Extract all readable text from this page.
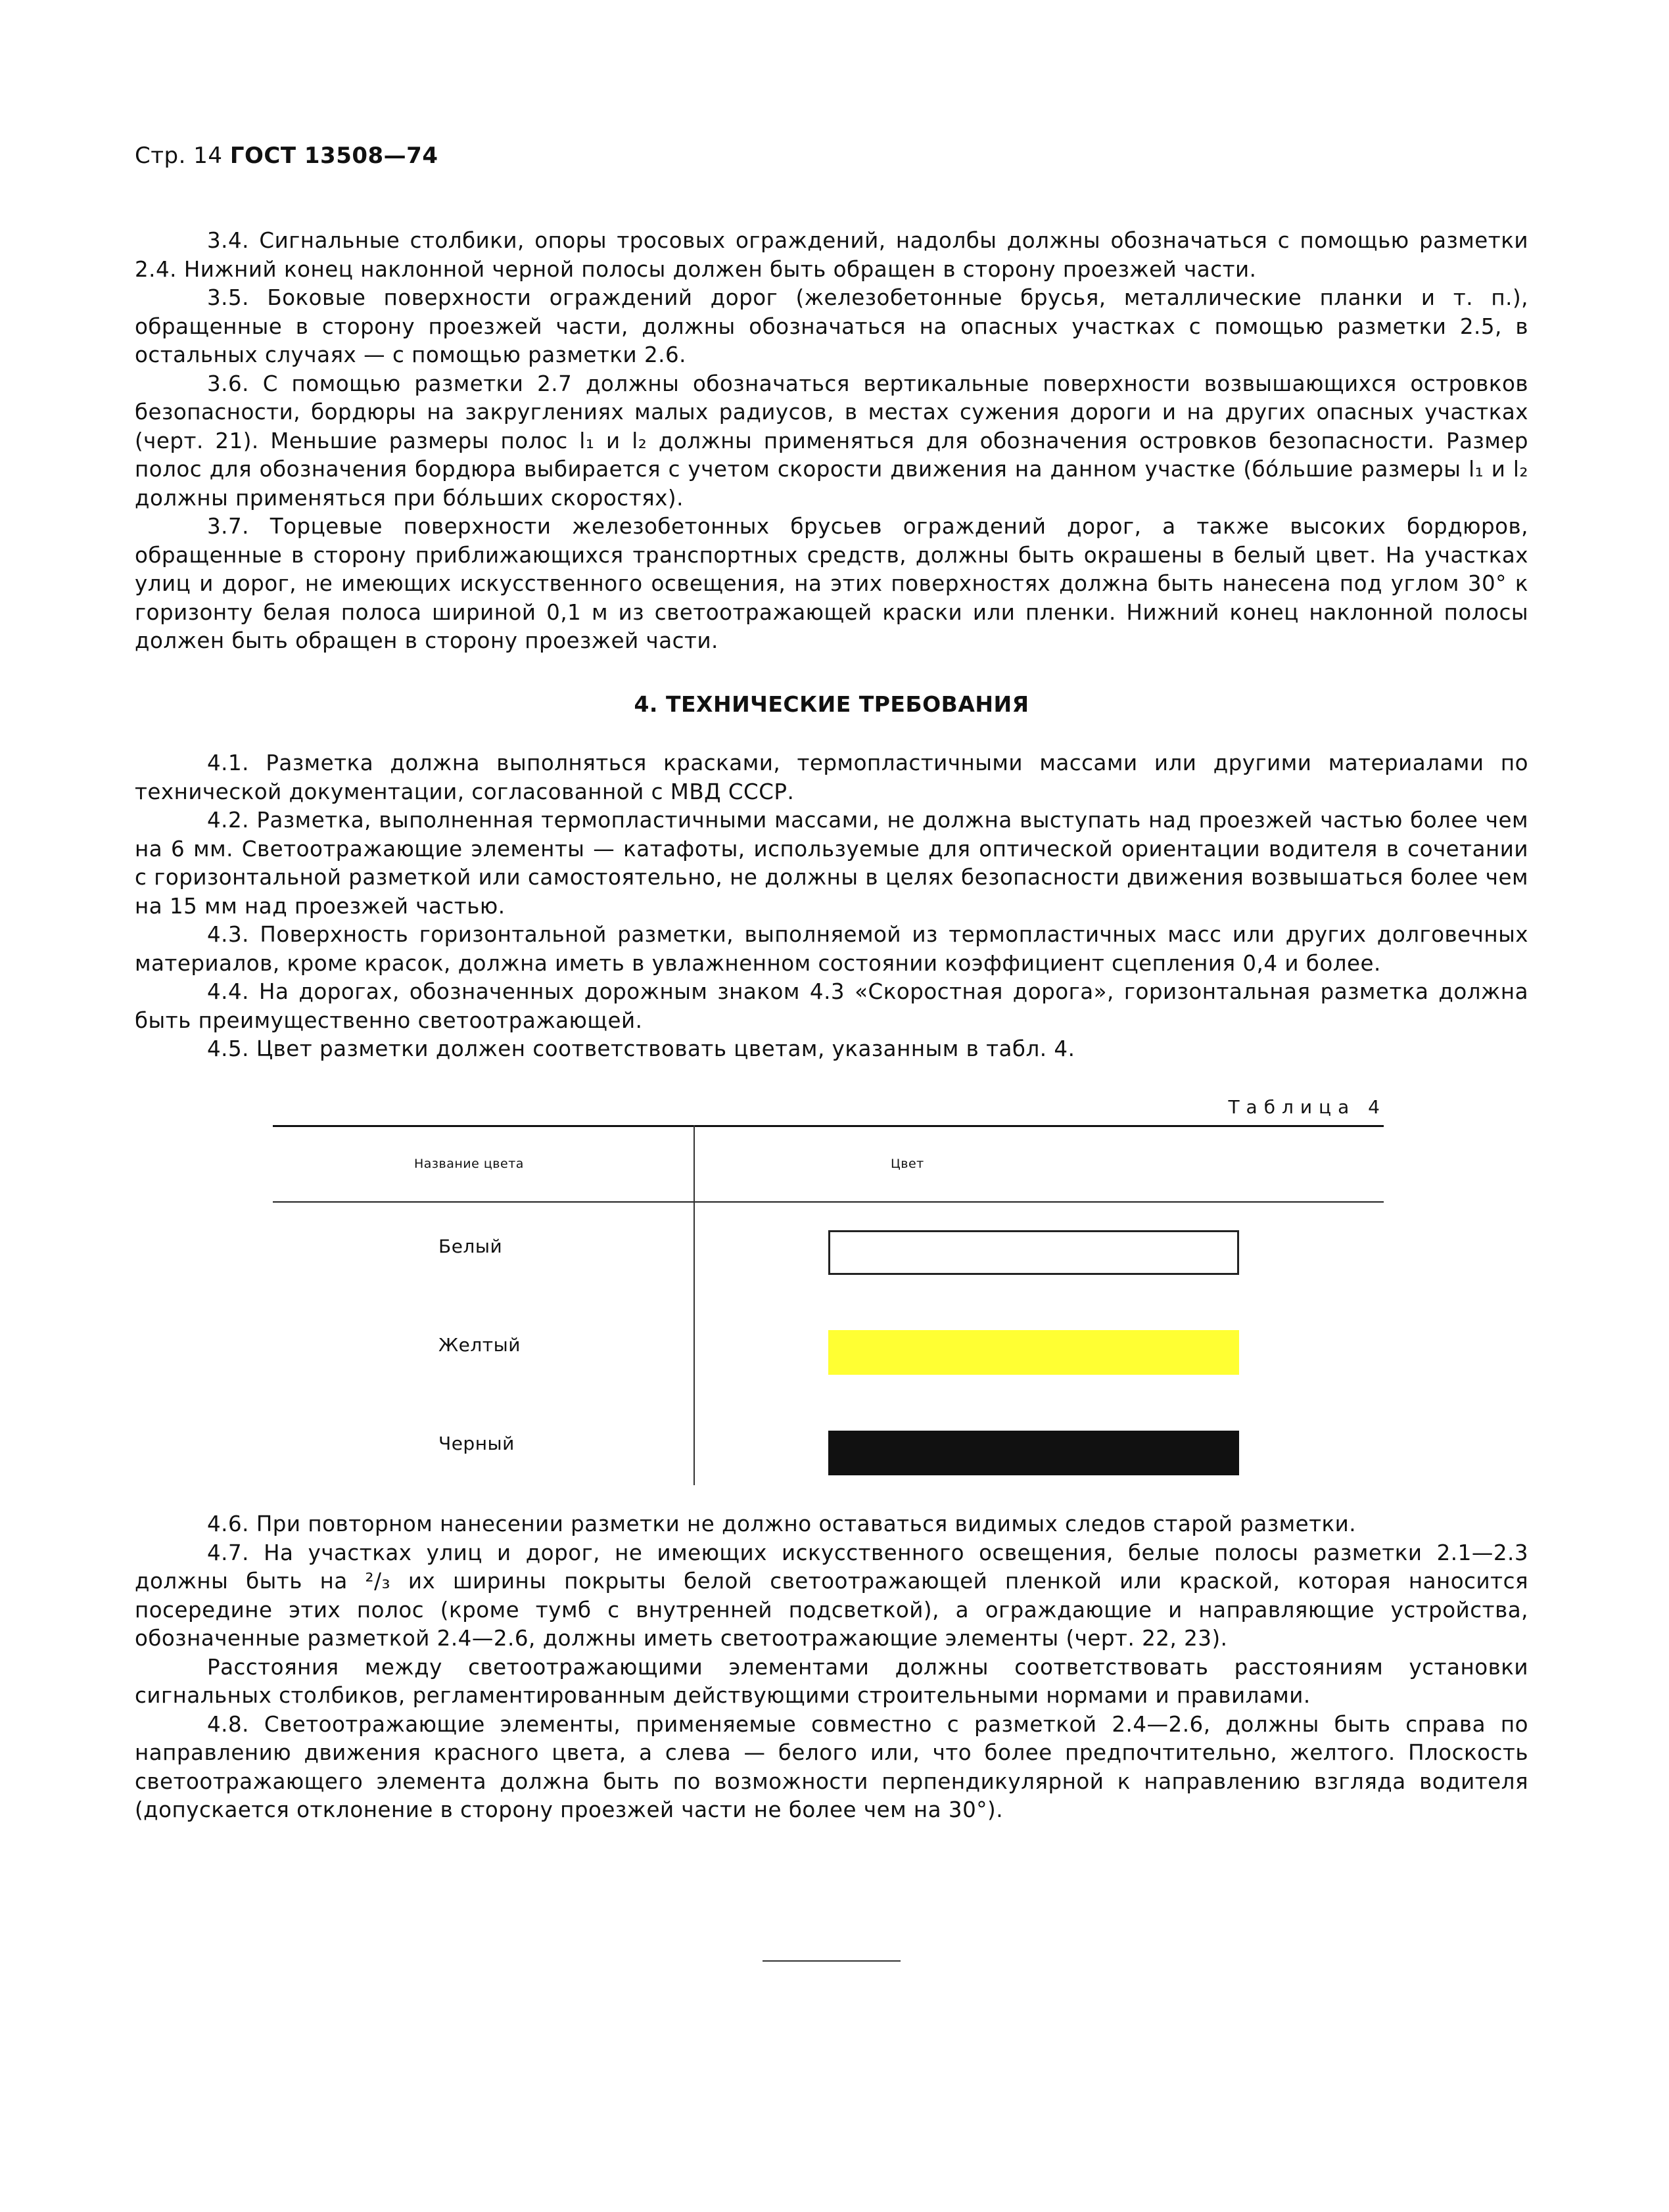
Стр. 14 ГОСТ 13508—74

3.4. Сигнальные столбики, опоры тросовых ограждений, надолбы должны обозначаться с помощью разметки 2.4. Нижний конец наклонной черной полосы должен быть обращен в сторону проезжей части.

3.5. Боковые поверхности ограждений дорог (железобетонные брусья, металлические планки и т. п.), обращенные в сторону проезжей части, должны обозначаться на опасных участках с помощью разметки 2.5, в остальных случаях — с помощью разметки 2.6.

3.6. С помощью разметки 2.7 должны обозначаться вертикальные поверхности возвышающихся островков безопасности, бордюры на закруглениях малых радиусов, в местах сужения дороги и на других опасных участках (черт. 21). Меньшие размеры полос l₁ и l₂ должны применяться для обозначения островков безопасности. Размер полос для обозначения бордюра выбирается с учетом скорости движения на данном участке (бо́льшие размеры l₁ и l₂ должны применяться при бо́льших скоростях).

3.7. Торцевые поверхности железобетонных брусьев ограждений дорог, а также высоких бордюров, обращенные в сторону приближающихся транспортных средств, должны быть окрашены в белый цвет. На участках улиц и дорог, не имеющих искусственного освещения, на этих поверхностях должна быть нанесена под углом 30° к горизонту белая полоса шириной 0,1 м из светоотражающей краски или пленки. Нижний конец наклонной полосы должен быть обращен в сторону проезжей части.

4. ТЕХНИЧЕСКИЕ ТРЕБОВАНИЯ

4.1. Разметка должна выполняться красками, термопластичными массами или другими материалами по технической документации, согласованной с МВД СССР.

4.2. Разметка, выполненная термопластичными массами, не должна выступать над проезжей частью более чем на 6 мм. Светоотражающие элементы — катафоты, используемые для оптической ориентации водителя в сочетании с горизонтальной разметкой или самостоятельно, не должны в целях безопасности движения возвышаться более чем на 15 мм над проезжей частью.

4.3. Поверхность горизонтальной разметки, выполняемой из термопластичных масс или других долговечных материалов, кроме красок, должна иметь в увлажненном состоянии коэффициент сцепления 0,4 и более.

4.4. На дорогах, обозначенных дорожным знаком 4.3 «Скоростная дорога», горизонтальная разметка должна быть преимущественно светоотражающей.

4.5. Цвет разметки должен соответствовать цветам, указанным в табл. 4.

Таблица 4
Название цвета	Цвет
Белый
Желтый
Черный

4.6. При повторном нанесении разметки не должно оставаться видимых следов старой разметки.

4.7. На участках улиц и дорог, не имеющих искусственного освещения, белые полосы разметки 2.1—2.3 должны быть на ²/₃ их ширины покрыты белой светоотражающей пленкой или краской, которая наносится посередине этих полос (кроме тумб с внутренней подсветкой), а ограждающие и направляющие устройства, обозначенные разметкой 2.4—2.6, должны иметь светоотражающие элементы (черт. 22, 23).

Расстояния между светоотражающими элементами должны соответствовать расстояниям установки сигнальных столбиков, регламентированным действующими строительными нормами и правилами.

4.8. Светоотражающие элементы, применяемые совместно с разметкой 2.4—2.6, должны быть справа по направлению движения красного цвета, а слева — белого или, что более предпочтительно, желтого. Плоскость светоотражающего элемента должна быть по возможности перпендикулярной к направлению взгляда водителя (допускается отклонение в сторону проезжей части не более чем на 30°).
